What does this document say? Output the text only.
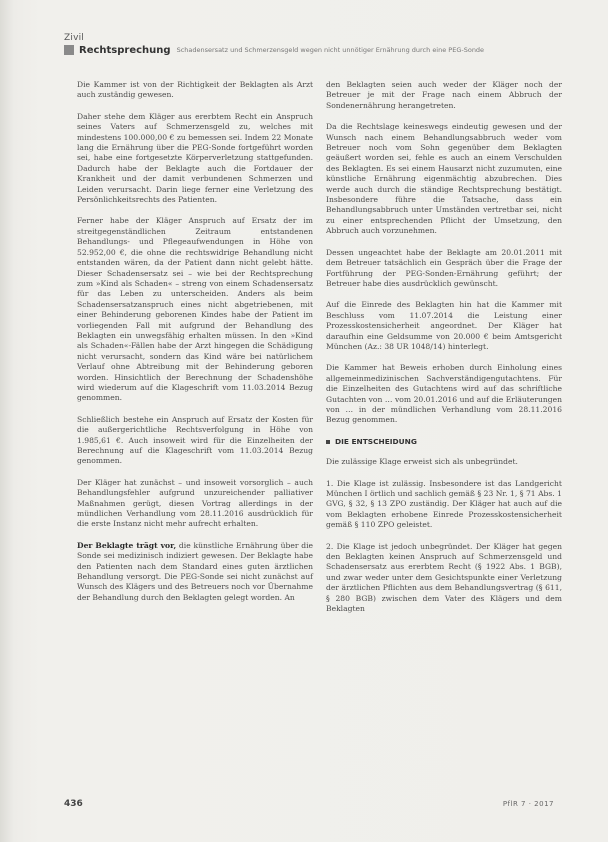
Zivil
Rechtsprechung Schadensersatz und Schmerzensgeld wegen nicht unnötiger Ernährung durch eine PEG-Sonde

Die Kammer ist von der Richtigkeit der Beklagten als Arzt auch zuständig gewesen.

Daher stehe dem Kläger aus ererbtem Recht ein Anspruch seines Vaters auf Schmerzensgeld zu, welches mit mindestens 100.000,00 € zu bemessen sei. Indem 22 Monate lang die Ernährung über die PEG-Sonde fortgeführt worden sei, habe eine fortgesetzte Körperverletzung stattgefunden. Dadurch habe der Beklagte auch die Fortdauer der Krankheit und der damit verbundenen Schmerzen und Leiden verursacht. Darin liege ferner eine Verletzung des Persönlichkeitsrechts des Patienten.

Ferner habe der Kläger Anspruch auf Ersatz der im streitgegenständlichen Zeitraum entstandenen Behandlungs- und Pflegeaufwendungen in Höhe von 52.952,00 €, die ohne die rechtswidrige Behandlung nicht entstanden wären, da der Patient dann nicht gelebt hätte. Dieser Schadensersatz sei – wie bei der Rechtsprechung zum »Kind als Schaden« – streng von einem Schadensersatz für das Leben zu unterscheiden. Anders als beim Schadensersatzanspruch eines nicht abgetriebenen, mit einer Behinderung geborenen Kindes habe der Patient im vorliegenden Fall mit aufgrund der Behandlung des Beklagten ein unwegsfähig erhalten müssen. In den »Kind als Schaden«-Fällen habe der Arzt hingegen die Schädigung nicht verursacht, sondern das Kind wäre bei natürlichem Verlauf ohne Abtreibung mit der Behinderung geboren worden. Hinsichtlich der Berechnung der Schadenshöhe wird wiederum auf die Klageschrift vom 11.03.2014 Bezug genommen.

Schließlich bestehe ein Anspruch auf Ersatz der Kosten für die außergerichtliche Rechtsverfolgung in Höhe von 1.985,61 €. Auch insoweit wird für die Einzelheiten der Berechnung auf die Klageschrift vom 11.03.2014 Bezug genommen.

Der Kläger hat zunächst – und insoweit vorsorglich – auch Behandlungsfehler aufgrund unzureichender palliativer Maßnahmen gerügt, diesen Vortrag allerdings in der mündlichen Verhandlung vom 28.11.2016 ausdrücklich für die erste Instanz nicht mehr aufrecht erhalten.

Der Beklagte trägt vor, die künstliche Ernährung über die Sonde sei medizinisch indiziert gewesen. Der Beklagte habe den Patienten nach dem Standard eines guten ärztlichen Behandlung versorgt. Die PEG-Sonde sei nicht zunächst auf Wunsch des Klägers und des Betreuers noch vor Übernahme der Behandlung durch den Beklagten gelegt worden. An

den Beklagten seien auch weder der Kläger noch der Betreuer je mit der Frage nach einem Abbruch der Sondenernährung herangetreten.

Da die Rechtslage keineswegs eindeutig gewesen und der Wunsch nach einem Behandlungsabbruch weder vom Betreuer noch vom Sohn gegenüber dem Beklagten geäußert worden sei, fehle es auch an einem Verschulden des Beklagten. Es sei einem Hausarzt nicht zuzumuten, eine künstliche Ernährung eigenmächtig abzubrechen. Dies werde auch durch die ständige Rechtsprechung bestätigt. Insbesondere führe die Tatsache, dass ein Behandlungsabbruch unter Umständen vertretbar sei, nicht zu einer entsprechenden Pflicht der Umsetzung, den Abbruch auch vorzunehmen.

Dessen ungeachtet habe der Beklagte am 20.01.2011 mit dem Betreuer tatsächlich ein Gespräch über die Frage der Fortführung der PEG-Sonden-Ernährung geführt; der Betreuer habe dies ausdrücklich gewünscht.

Auf die Einrede des Beklagten hin hat die Kammer mit Beschluss vom 11.07.2014 die Leistung einer Prozesskostensicherheit angeordnet. Der Kläger hat daraufhin eine Geldsumme von 20.000 € beim Amtsgericht München (Az.: 38 UR 1048/14) hinterlegt.

Die Kammer hat Beweis erhoben durch Einholung eines allgemeinmedizinischen Sachverständigengutachtens. Für die Einzelheiten des Gutachtens wird auf das schriftliche Gutachten von … vom 20.01.2016 und auf die Erläuterungen von … in der mündlichen Verhandlung vom 28.11.2016 Bezug genommen.

DIE ENTSCHEIDUNG

Die zulässige Klage erweist sich als unbegründet.

1. Die Klage ist zulässig. Insbesondere ist das Landgericht München I örtlich und sachlich gemäß § 23 Nr. 1, § 71 Abs. 1 GVG, § 32, § 13 ZPO zuständig. Der Kläger hat auch auf die vom Beklagten erhobene Einrede Prozesskostensicherheit gemäß § 110 ZPO geleistet.

2. Die Klage ist jedoch unbegründet. Der Kläger hat gegen den Beklagten keinen Anspruch auf Schmerzensgeld und Schadensersatz aus ererbtem Recht (§ 1922 Abs. 1 BGB), und zwar weder unter dem Gesichtspunkte einer Verletzung der ärztlichen Pflichten aus dem Behandlungsvertrag (§ 611, § 280 BGB) zwischen dem Vater des Klägers und dem Beklagten

436	PflR 7 · 2017
